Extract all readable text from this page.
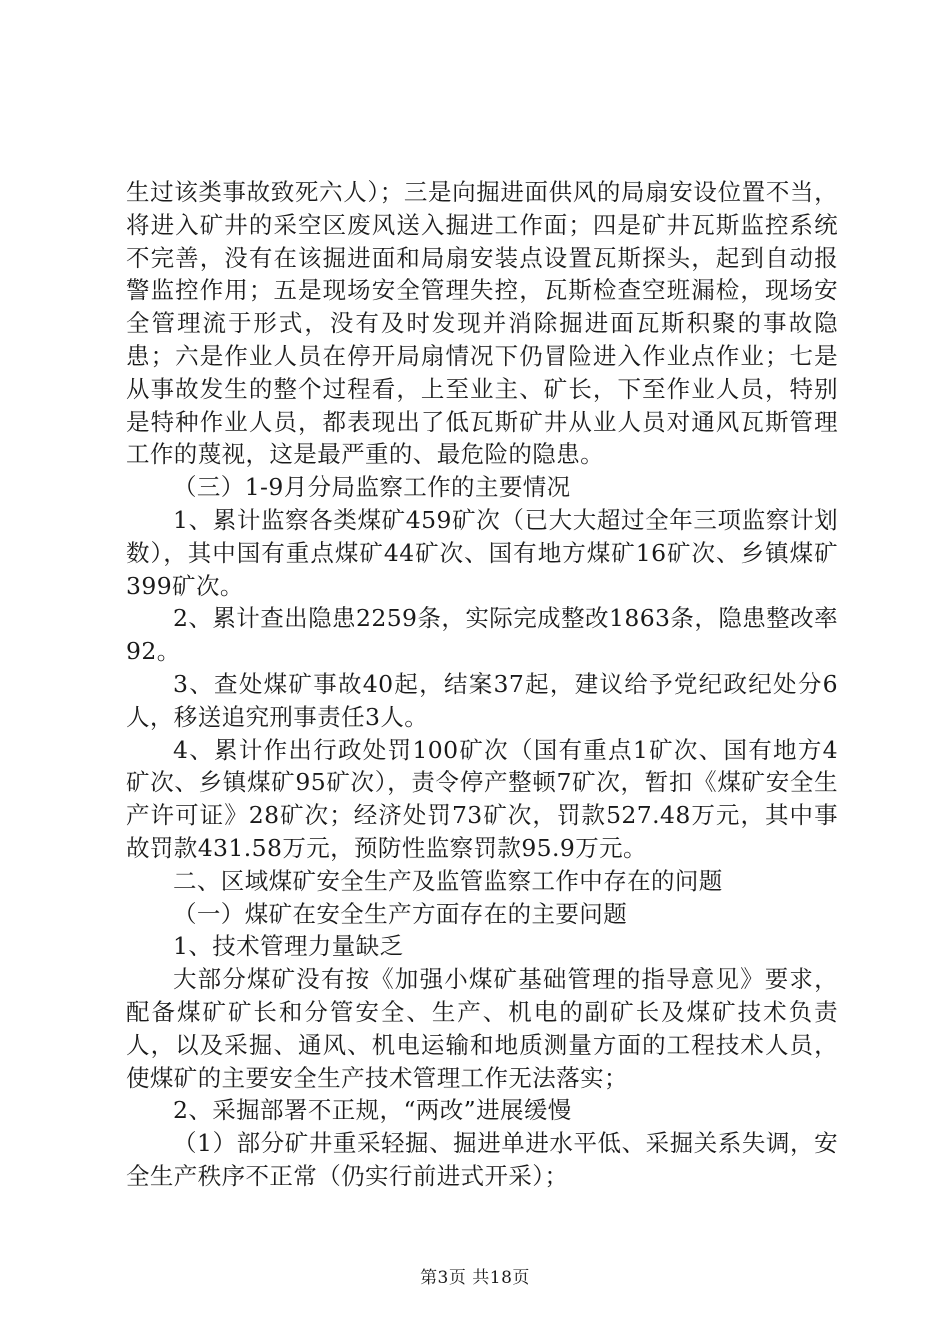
生过该类事故致死六人）；三是向掘进面供风的局扇安设位置不当，将进入矿井的采空区废风送入掘进工作面；四是矿井瓦斯监控系统不完善，没有在该掘进面和局扇安装点设置瓦斯探头，起到自动报警监控作用；五是现场安全管理失控，瓦斯检查空班漏检，现场安全管理流于形式，没有及时发现并消除掘进面瓦斯积聚的事故隐患；六是作业人员在停开局扇情况下仍冒险进入作业点作业；七是从事故发生的整个过程看，上至业主、矿长，下至作业人员，特别是特种作业人员，都表现出了低瓦斯矿井从业人员对通风瓦斯管理工作的蔑视，这是最严重的、最危险的隐患。

（三）1-9月分局监察工作的主要情况

1、累计监察各类煤矿459矿次（已大大超过全年三项监察计划数），其中国有重点煤矿44矿次、国有地方煤矿16矿次、乡镇煤矿399矿次。

2、累计查出隐患2259条，实际完成整改1863条，隐患整改率92。

3、查处煤矿事故40起，结案37起，建议给予党纪政纪处分6人，移送追究刑事责任3人。

4、累计作出行政处罚100矿次（国有重点1矿次、国有地方4矿次、乡镇煤矿95矿次），责令停产整顿7矿次，暂扣《煤矿安全生产许可证》28矿次；经济处罚73矿次，罚款527.48万元，其中事故罚款431.58万元，预防性监察罚款95.9万元。

二、区域煤矿安全生产及监管监察工作中存在的问题

（一）煤矿在安全生产方面存在的主要问题

1、技术管理力量缺乏

大部分煤矿没有按《加强小煤矿基础管理的指导意见》要求，配备煤矿矿长和分管安全、生产、机电的副矿长及煤矿技术负责人，以及采掘、通风、机电运输和地质测量方面的工程技术人员，使煤矿的主要安全生产技术管理工作无法落实；

2、采掘部署不正规，“两改”进展缓慢

（1）部分矿井重采轻掘、掘进单进水平低、采掘关系失调，安全生产秩序不正常（仍实行前进式开采）；

第3页 共18页
